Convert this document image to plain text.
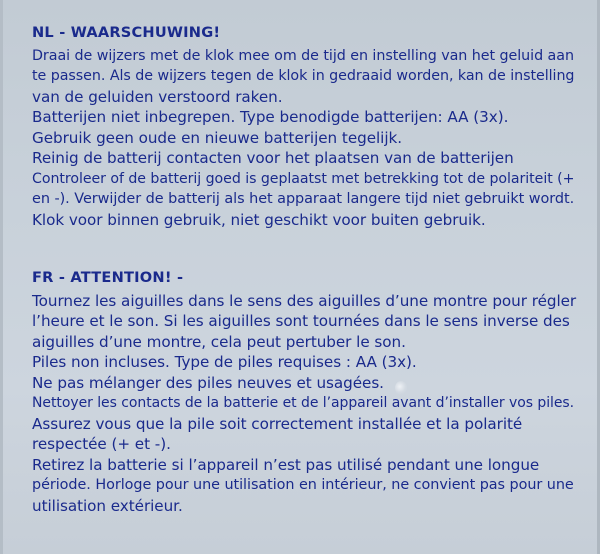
NL - WAARSCHUWING!
Draai de wijzers met de klok mee om de tijd en instelling van het geluid aan
te passen. Als de wijzers tegen de klok in gedraaid worden, kan de instelling
van de geluiden verstoord raken.
Batterijen niet inbegrepen. Type benodigde batterijen: AA (3x).
Gebruik geen oude en nieuwe batterijen tegelijk.
Reinig de batterij contacten voor het plaatsen van de batterijen
Controleer of de batterij goed is geplaatst met betrekking tot de polariteit (+
en -). Verwijder de batterij als het apparaat langere tijd niet gebruikt wordt.
Klok voor binnen gebruik, niet geschikt voor buiten gebruik.
FR - ATTENTION! -
Tournez les aiguilles dans le sens des aiguilles d’une montre pour régler
l’heure et le son. Si les aiguilles sont tournées dans le sens inverse des
aiguilles d’une montre, cela peut pertuber le son.
Piles non incluses. Type de piles requises : AA (3x).
Ne pas mélanger des piles neuves et usagées.
Nettoyer les contacts de la batterie et de l’appareil avant d’installer vos piles.
Assurez vous que la pile soit correctement installée et la polarité
respectée (+ et -).
Retirez la batterie si l’appareil n’est pas utilisé pendant une longue
période. Horloge pour une utilisation en intérieur, ne convient pas pour une
utilisation extérieur.
